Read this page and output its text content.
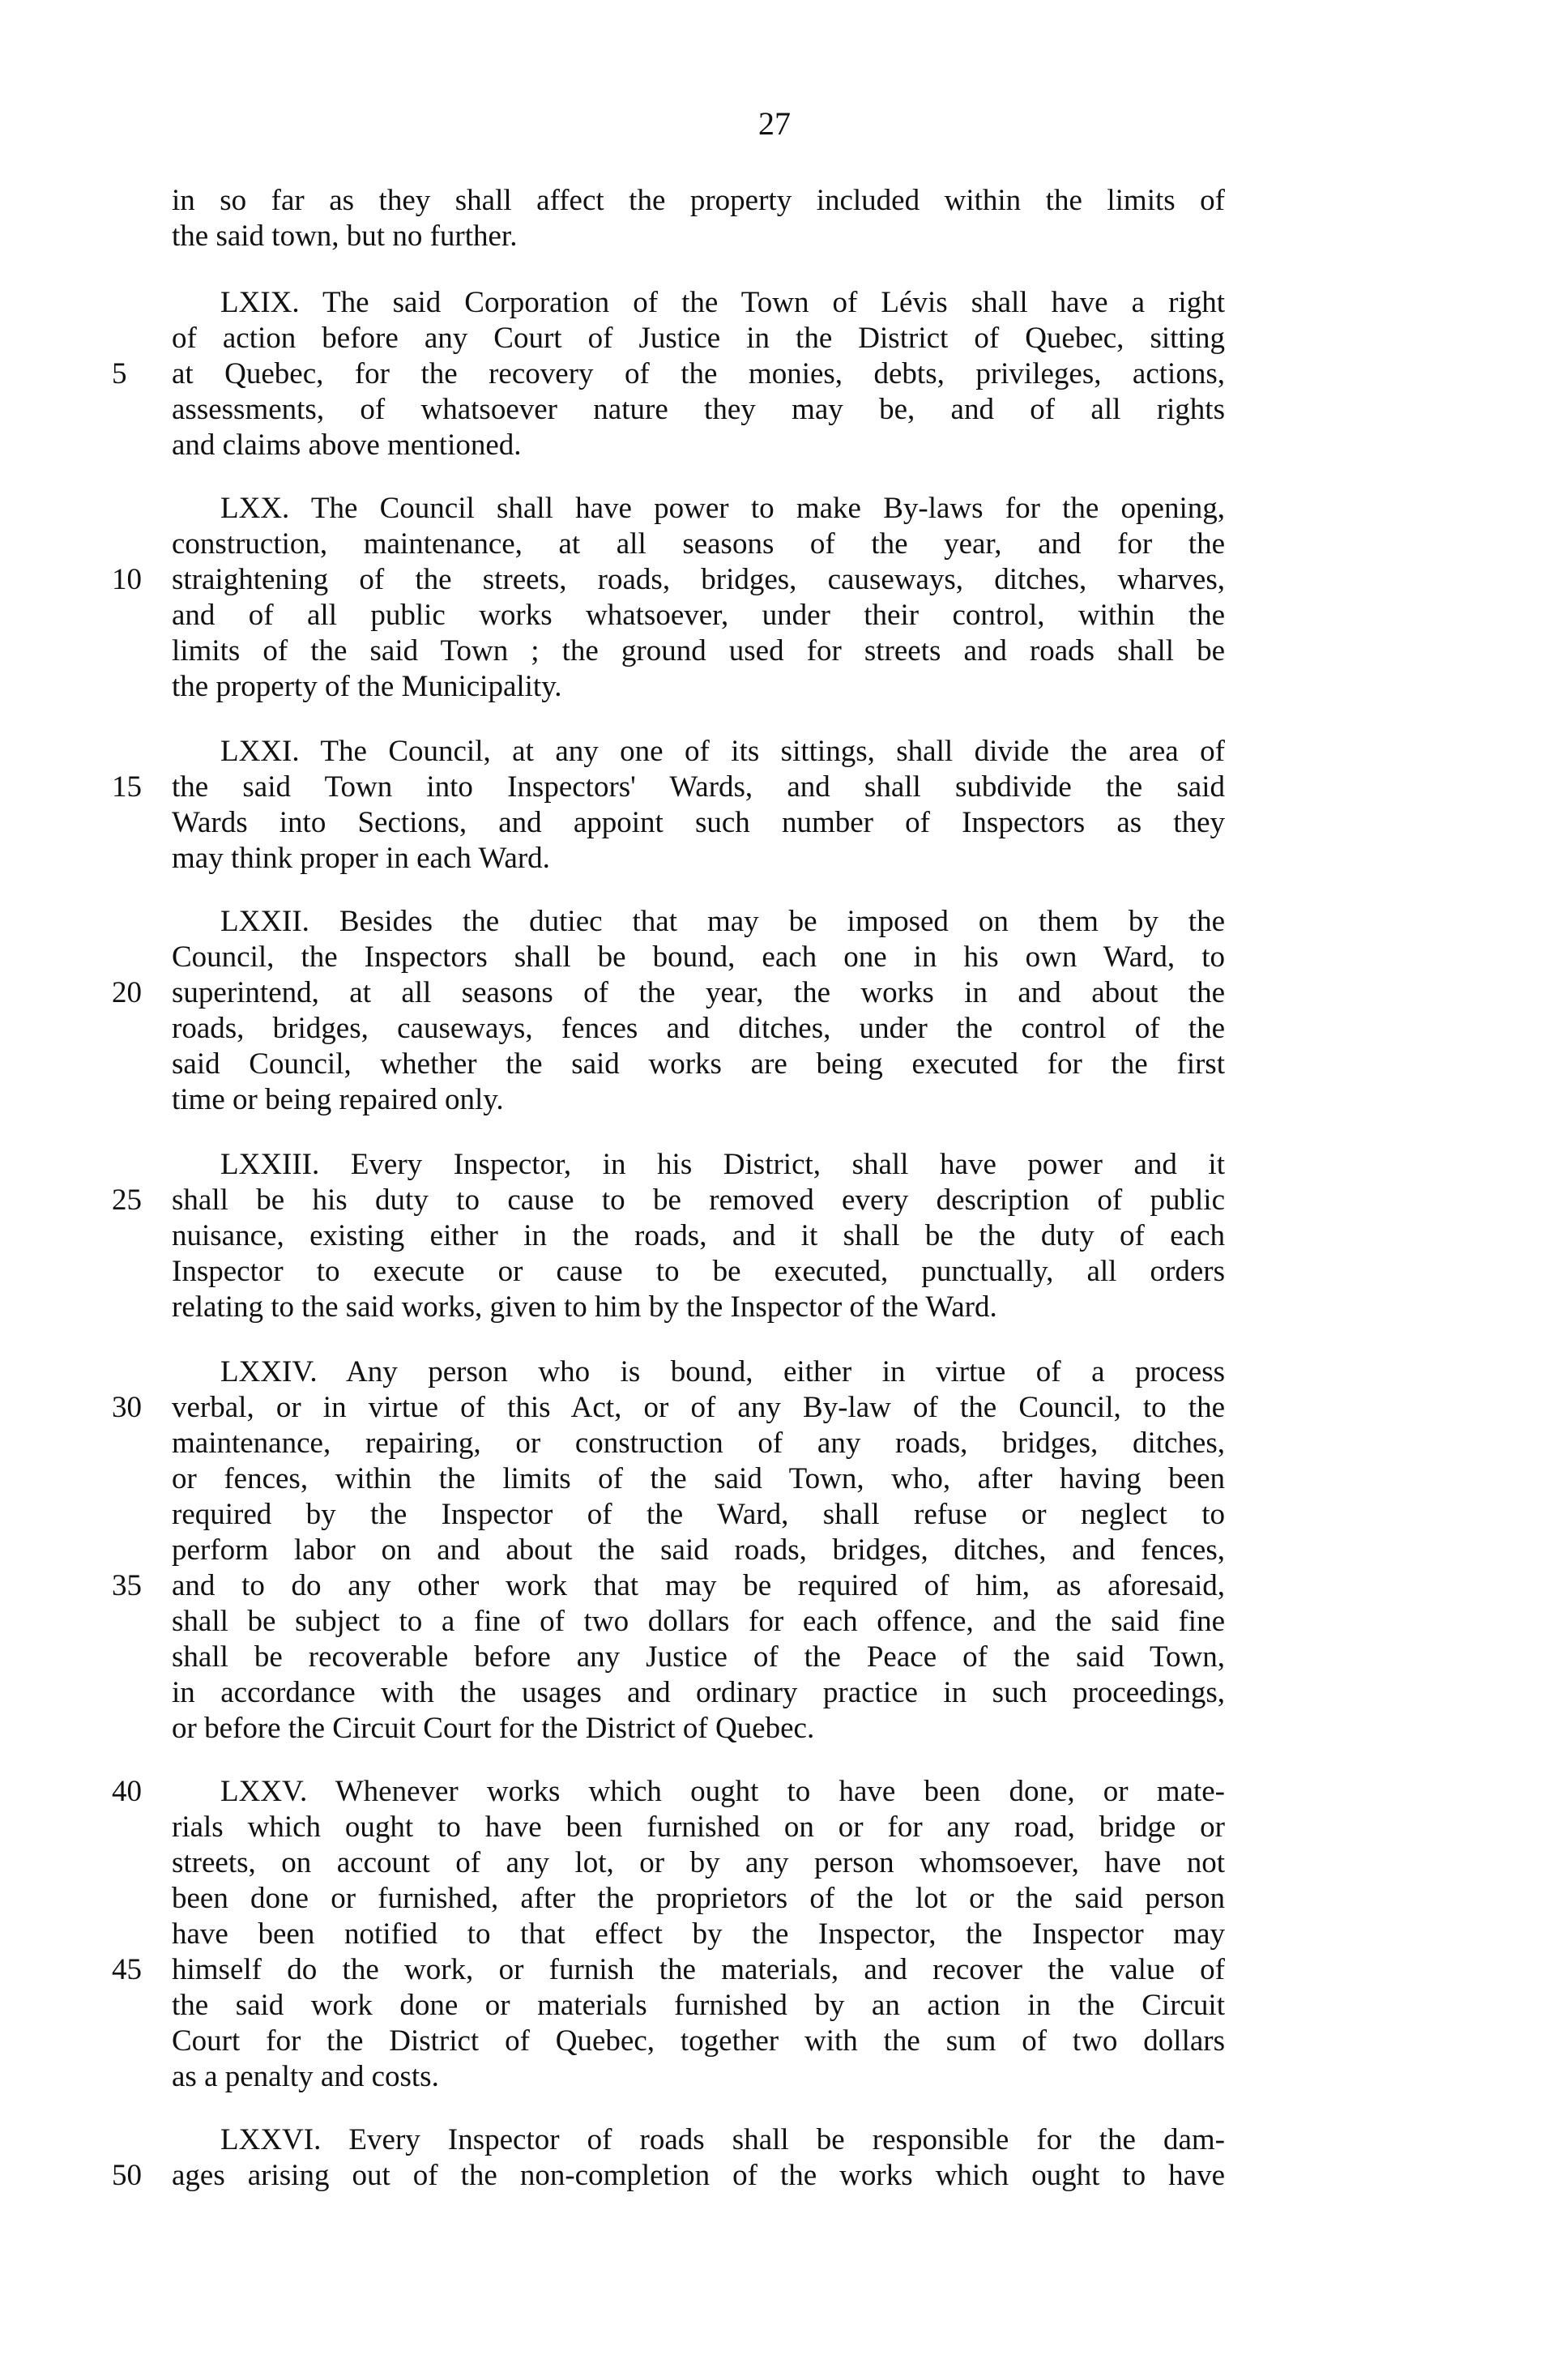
27
in so far as they shall affect the property included within the limits of
the said town, but no further.
LXIX. The said Corporation of the Town of Lévis shall have a right
of action before any Court of Justice in the District of Quebec, sitting
at Quebec, for the recovery of the monies, debts, privileges, actions,
assessments, of whatsoever nature they may be, and of all rights
and claims above mentioned.
LXX. The Council shall have power to make By-laws for the opening,
construction, maintenance, at all seasons of the year, and for the
straightening of the streets, roads, bridges, causeways, ditches, wharves,
and of all public works whatsoever, under their control, within the
limits of the said Town ; the ground used for streets and roads shall be
the property of the Municipality.
LXXI. The Council, at any one of its sittings, shall divide the area of
the said Town into Inspectors' Wards, and shall subdivide the said
Wards into Sections, and appoint such number of Inspectors as they
may think proper in each Ward.
LXXII. Besides the dutiec that may be imposed on them by the
Council, the Inspectors shall be bound, each one in his own Ward, to
superintend, at all seasons of the year, the works in and about the
roads, bridges, causeways, fences and ditches, under the control of the
said Council, whether the said works are being executed for the first
time or being repaired only.
LXXIII. Every Inspector, in his District, shall have power and it
shall be his duty to cause to be removed every description of public
nuisance, existing either in the roads, and it shall be the duty of each
Inspector to execute or cause to be executed, punctually, all orders
relating to the said works, given to him by the Inspector of the Ward.
LXXIV. Any person who is bound, either in virtue of a process
verbal, or in virtue of this Act, or of any By-law of the Council, to the
maintenance, repairing, or construction of any roads, bridges, ditches,
or fences, within the limits of the said Town, who, after having been
required by the Inspector of the Ward, shall refuse or neglect to
perform labor on and about the said roads, bridges, ditches, and fences,
and to do any other work that may be required of him, as aforesaid,
shall be subject to a fine of two dollars for each offence, and the said fine
shall be recoverable before any Justice of the Peace of the said Town,
in accordance with the usages and ordinary practice in such proceedings,
or before the Circuit Court for the District of Quebec.
LXXV. Whenever works which ought to have been done, or mate-
rials which ought to have been furnished on or for any road, bridge or
streets, on account of any lot, or by any person whomsoever, have not
been done or furnished, after the proprietors of the lot or the said person
have been notified to that effect by the Inspector, the Inspector may
himself do the work, or furnish the materials, and recover the value of
the said work done or materials furnished by an action in the Circuit
Court for the District of Quebec, together with the sum of two dollars
as a penalty and costs.
LXXVI. Every Inspector of roads shall be responsible for the dam-
ages arising out of the non-completion of the works which ought to have
5
10
15
20
25
30
35
40
45
50
